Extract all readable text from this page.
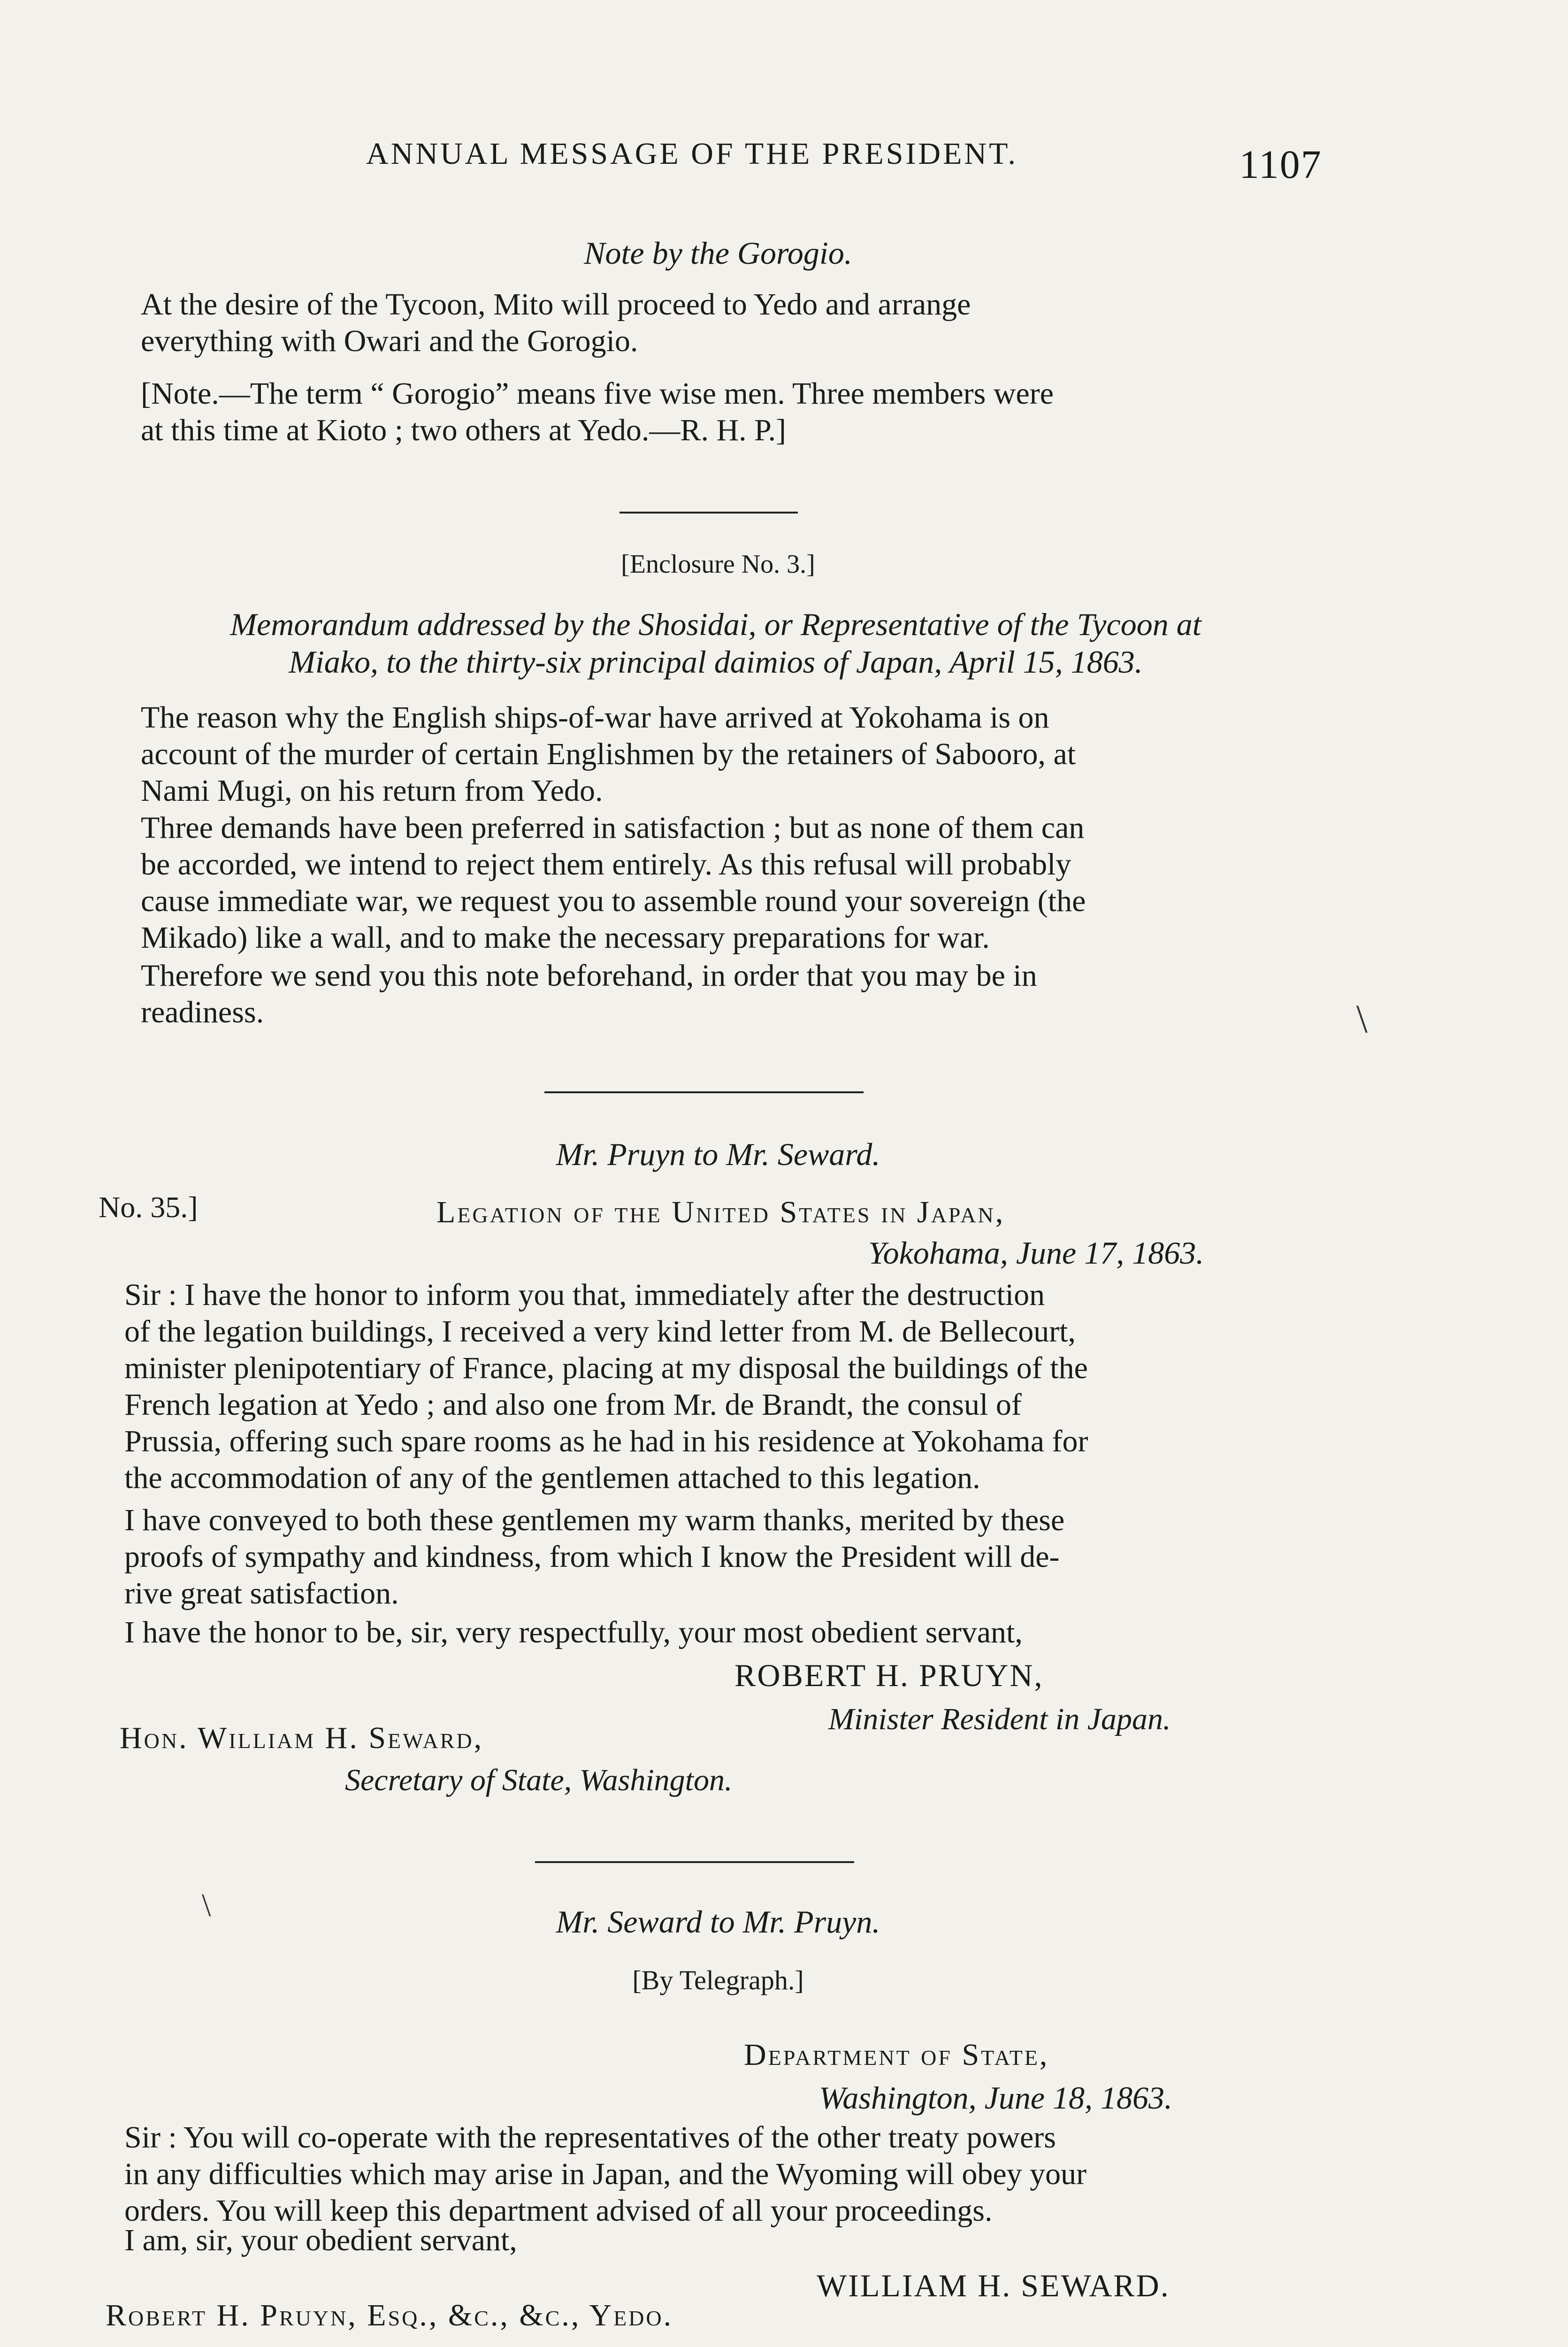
ANNUAL MESSAGE OF THE PRESIDENT.	1107
Note by the Gorogio.
At the desire of the Tycoon, Mito will proceed to Yedo and arrange
everything with Owari and the Gorogio.
[Note.—The term “ Gorogio” means five wise men. Three members were
at this time at Kioto ; two others at Yedo.—R. H. P.]
[Enclosure No. 3.]
Memorandum addressed by the Shosidai, or Representative of the Tycoon at
Miako, to the thirty-six principal daimios of Japan, April 15, 1863.
The reason why the English ships-of-war have arrived at Yokohama is on
account of the murder of certain Englishmen by the retainers of Sabooro, at
Nami Mugi, on his return from Yedo.
Three demands have been preferred in satisfaction ; but as none of them can
be accorded, we intend to reject them entirely. As this refusal will probably
cause immediate war, we request you to assemble round your sovereign (the
Mikado) like a wall, and to make the necessary preparations for war.
Therefore we send you this note beforehand, in order that you may be in
readiness.
Mr. Pruyn to Mr. Seward.
No. 35.]	Legation of the United States in Japan,
Yokohama, June 17, 1863.
Sir : I have the honor to inform you that, immediately after the destruction
of the legation buildings, I received a very kind letter from M. de Bellecourt,
minister plenipotentiary of France, placing at my disposal the buildings of the
French legation at Yedo ; and also one from Mr. de Brandt, the consul of
Prussia, offering such spare rooms as he had in his residence at Yokohama for
the accommodation of any of the gentlemen attached to this legation.
I have conveyed to both these gentlemen my warm thanks, merited by these
proofs of sympathy and kindness, from which I know the President will de-
rive great satisfaction.
I have the honor to be, sir, very respectfully, your most obedient servant,
ROBERT H. PRUYN,
Minister Resident in Japan.
Hon. William H. Seward,
Secretary of State, Washington.
Mr. Seward to Mr. Pruyn.
[By Telegraph.]
Department of State,
Washington, June 18, 1863.
Sir : You will co-operate with the representatives of the other treaty powers
in any difficulties which may arise in Japan, and the Wyoming will obey your
orders. You will keep this department advised of all your proceedings.
I am, sir, your obedient servant,
WILLIAM H. SEWARD.
Robert H. Pruyn, Esq., &c., &c., Yedo.
\
\
